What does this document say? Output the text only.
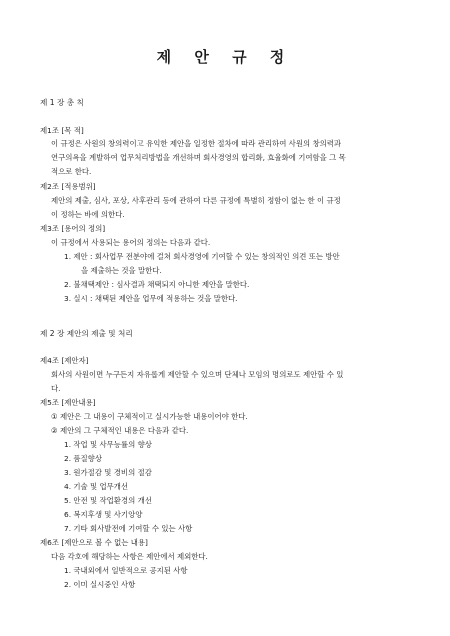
제 안 규 정
제 1 장 총 칙
제1조 [목 적]
이 규정은 사원의 창의력이고 유익한 제안을 일정한 절차에 따라 관리하여 사원의 창의력과
연구의욕을 계발하여 업무처리방법을 개선하며 회사경영의 합리화, 효율화에 기여함을 그 목
적으로 한다.
제2조 [적용범위]
제안의 제출, 심사, 포상, 사후관리 등에 관하여 다른 규정에 특별히 정함이 없는 한 이 규정
이 정하는 바에 의한다.
제3조 [용어의 정의]
이 규정에서 사용되는 용어의 정의는 다음과 같다.
1. 제안 : 회사업무 전분야에 걸쳐 회사경영에 기여할 수 있는 창의적인 의견 또는 방안
을 제출하는 것을 말한다.
2. 불채택제안 : 심사결과 채택되지 아니한 제안을 말한다.
3. 실시 : 채택된 제안을 업무에 적용하는 것을 말한다.
제 2 장 제안의 제출 및 처리
제4조 [제안자]
회사의 사원이면 누구든지 자유롭게 제안할 수 있으며 단체나 모임의 명의로도 제안할 수 있
다.
제5조 [제안내용]
① 제안은 그 내용이 구체적이고 실시가능한 내용이어야 한다.
② 제안의 그 구체적인 내용은 다음과 같다.
1. 작업 및 사무능률의 향상
2. 품질향상
3. 원가절감 및 경비의 절감
4. 기술 및 업무개선
5. 안전 및 작업환경의 개선
6. 복지후생 및 사기앙양
7. 기타 회사발전에 기여할 수 있는 사항
제6조 [제안으로 볼 수 없는 내용]
다음 각호에 해당하는 사항은 제안에서 제외한다.
1. 국내외에서 일반적으로 공지된 사항
2. 이미 실시중인 사항
